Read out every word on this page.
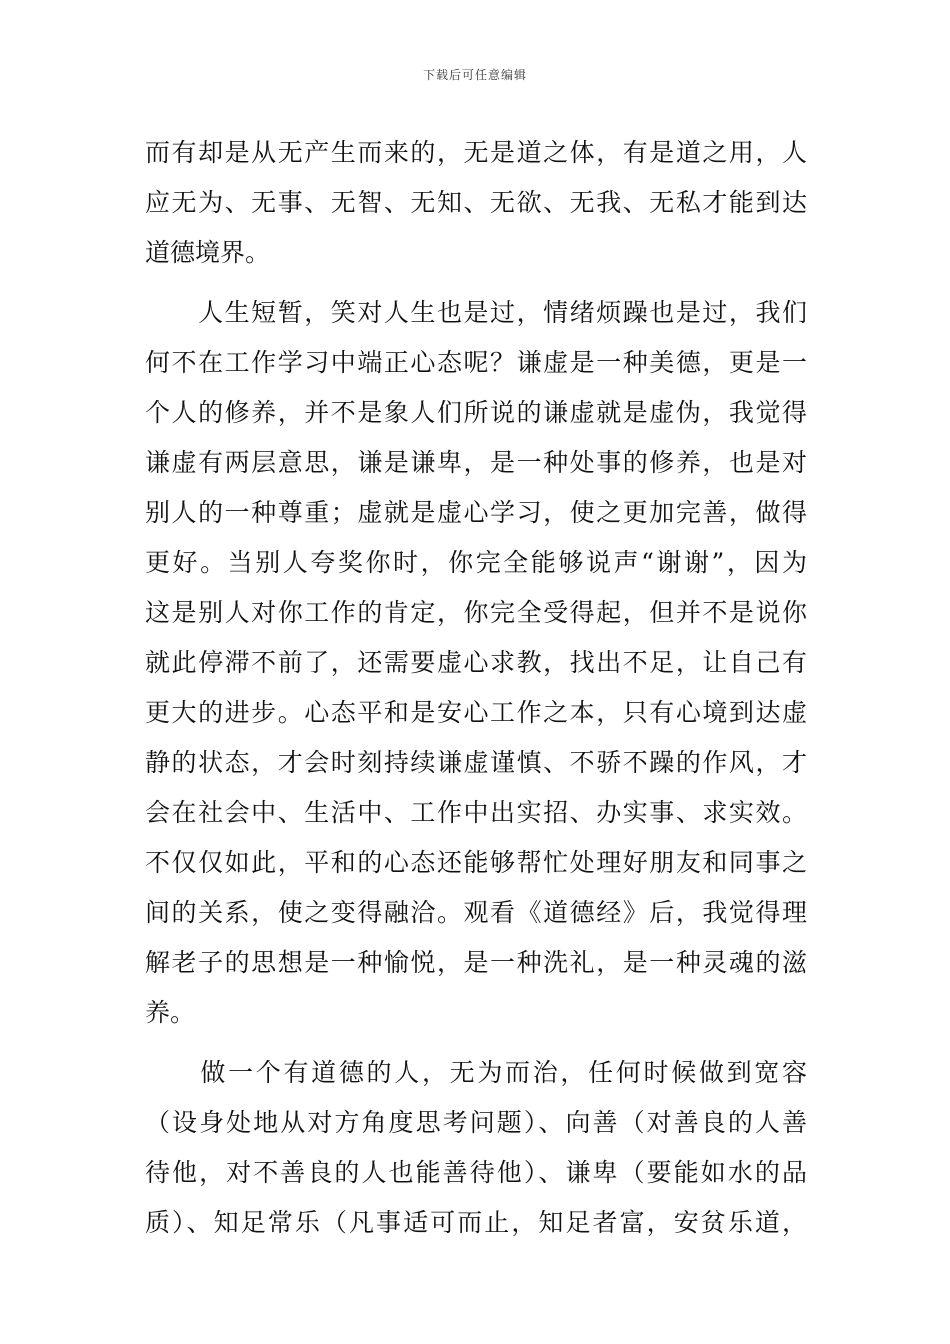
下载后可任意编辑
而有却是从无产生而来的，无是道之体，有是道之用，人
应无为、无事、无智、无知、无欲、无我、无私才能到达
道德境界。
　　人生短暂，笑对人生也是过，情绪烦躁也是过，我们
何不在工作学习中端正心态呢？谦虚是一种美德，更是一
个人的修养，并不是象人们所说的谦虚就是虚伪，我觉得
谦虚有两层意思，谦是谦卑，是一种处事的修养，也是对
别人的一种尊重；虚就是虚心学习，使之更加完善，做得
更好。当别人夸奖你时，你完全能够说声“谢谢”，因为
这是别人对你工作的肯定，你完全受得起，但并不是说你
就此停滞不前了，还需要虚心求教，找出不足，让自己有
更大的进步。心态平和是安心工作之本，只有心境到达虚
静的状态，才会时刻持续谦虚谨慎、不骄不躁的作风，才
会在社会中、生活中、工作中出实招、办实事、求实效。
不仅仅如此，平和的心态还能够帮忙处理好朋友和同事之
间的关系，使之变得融洽。观看《道德经》后，我觉得理
解老子的思想是一种愉悦，是一种洗礼，是一种灵魂的滋
养。
　　做一个有道德的人，无为而治，任何时候做到宽容
（设身处地从对方角度思考问题）、向善（对善良的人善
待他，对不善良的人也能善待他）、谦卑（要能如水的品
质）、知足常乐（凡事适可而止，知足者富，安贫乐道，
